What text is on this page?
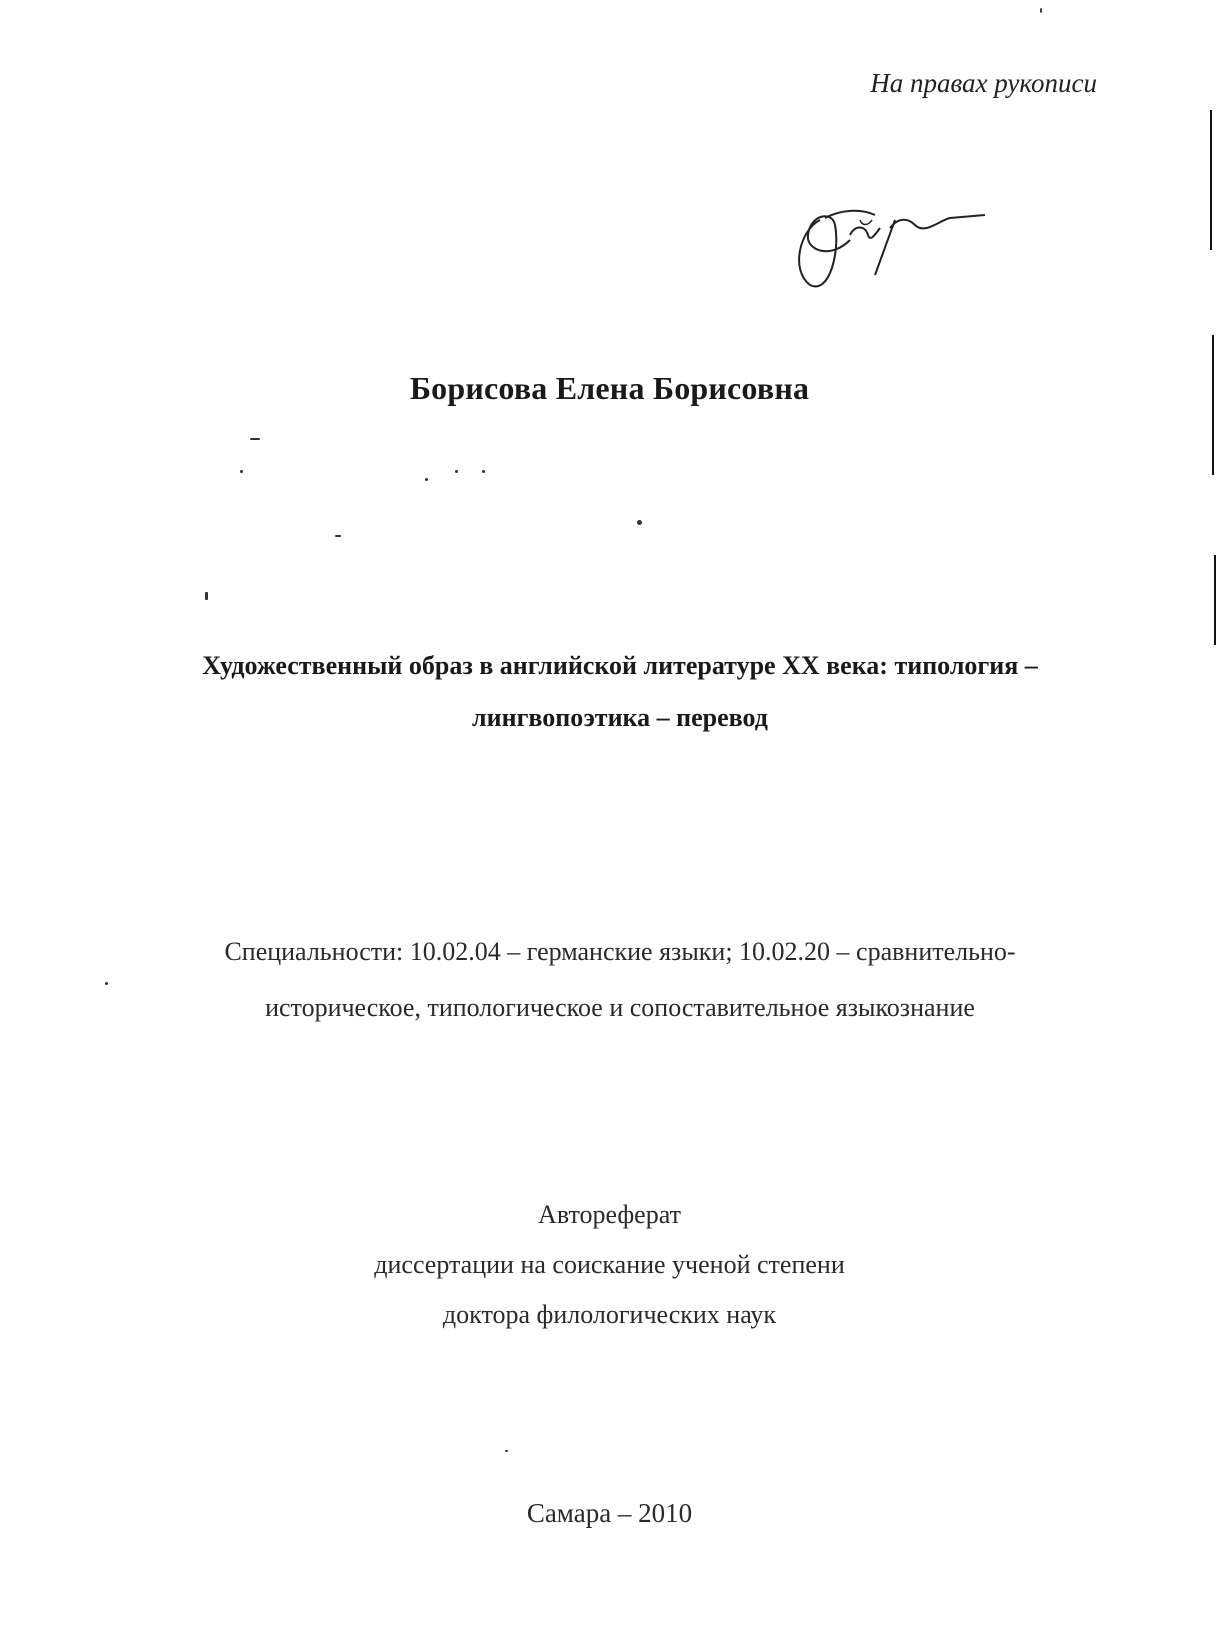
На правах рукописи
Борисова Елена Борисовна
Художественный образ в английской литературе XX века: типология –
лингвопоэтика – перевод
Специальности: 10.02.04 – германские языки; 10.02.20 – сравнительно-
историческое, типологическое и сопоставительное языкознание
Автореферат
диссертации на соискание ученой степени
доктора филологических наук
Самара – 2010
